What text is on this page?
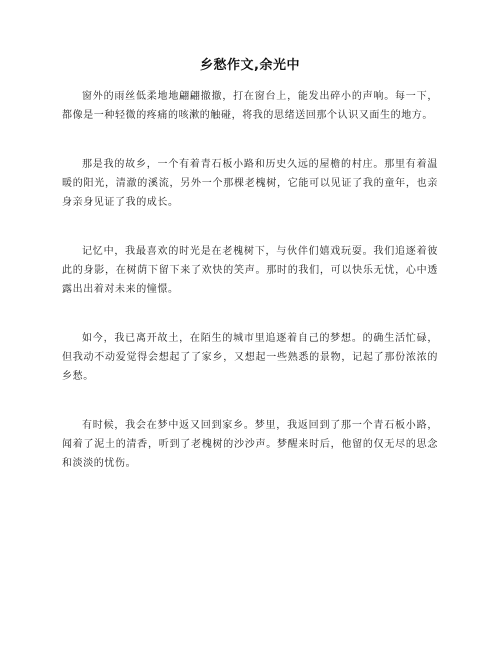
乡愁作文,余光中

窗外的雨丝低柔地地翩翩撤撤，打在窗台上，能发出碎小的声响。每一下，都像是一种轻微的疼痛的咳漱的触碰，将我的思绪送回那个认识又面生的地方。

那是我的故乡，一个有着青石板小路和历史久远的屋檐的村庄。那里有着温暖的阳光，清澈的溪流，另外一个那棵老槐树，它能可以见证了我的童年，也亲身亲身见证了我的成长。

记忆中，我最喜欢的时光是在老槐树下，与伙伴们嬉戏玩耍。我们追逐着彼此的身影，在树荫下留下来了欢快的笑声。那时的我们，可以快乐无忧，心中透露出出着对未来的憧憬。

如今，我已离开故土，在陌生的城市里追逐着自己的梦想。的确生活忙碌，但我动不动爱觉得会想起了了家乡，又想起一些熟悉的景物，记起了那份浓浓的乡愁。

有时候，我会在梦中返又回到家乡。梦里，我返回到了那一个青石板小路，闻着了泥土的清香，听到了老槐树的沙沙声。梦醒来时后，他留的仅无尽的思念和淡淡的忧伤。
